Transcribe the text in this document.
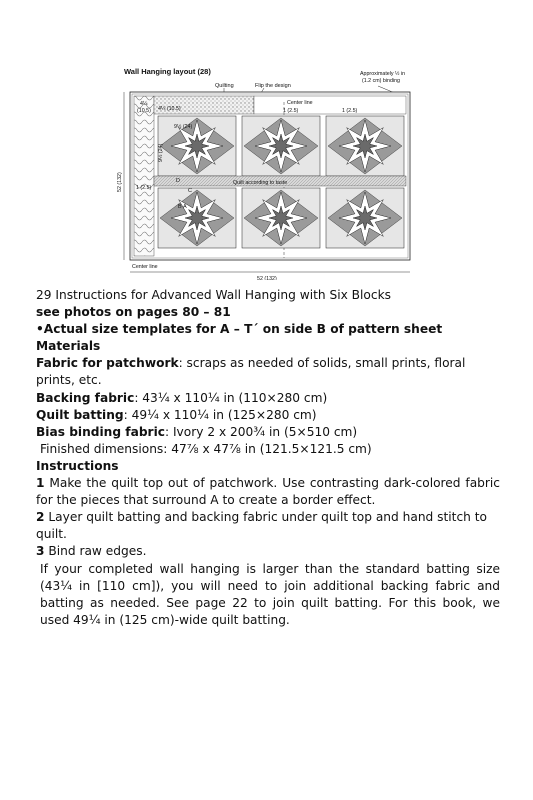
Wall Hanging layout (28)
Quilting	Flip the design
Approximately ½ in (1.2 cm) binding
4¼
(10.5) 4¼ (10.5)
Center line
1 (2.5)	1 (2.5)
Quilt according to taste
9½ (24)
9½ (24)
D
C
B A
52 (132) 1 (2.5)
Center line
52 (132)

29 Instructions for Advanced Wall Hanging with Six Blocks

see photos on pages 80 – 81

•Actual size templates for A – T´ on side B of pattern sheet

Materials

Fabric for patchwork: scraps as needed of solids, small prints, floral prints, etc.

Backing fabric: 43¼ x 110¼ in (110×280 cm)

Quilt batting: 49¼ x 110¼ in (125×280 cm)

Bias binding fabric: Ivory 2 x 200¾ in (5×510 cm)

Finished dimensions: 47⅞ x 47⅞ in (121.5×121.5 cm)

Instructions

1 Make the quilt top out of patchwork. Use contrasting dark-colored fabric for the pieces that surround A to create a border effect.

2 Layer quilt batting and backing fabric under quilt top and hand stitch to quilt.

3 Bind raw edges.

If your completed wall hanging is larger than the standard batting size (43¼ in [110 cm]), you will need to join additional backing fabric and batting as needed. See page 22 to join quilt batting. For this book, we used 49¼ in (125 cm)-wide quilt batting.
